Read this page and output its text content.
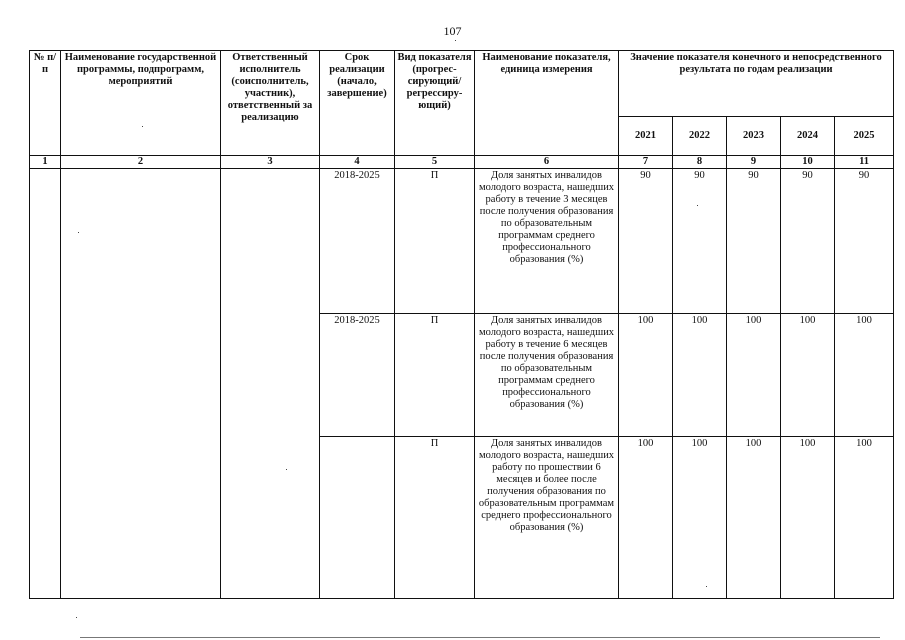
107
№ п/п	Наименование государственной программы, подпрограмм, мероприятий	Ответственный исполнитель (соисполнитель, участник), ответственный за реализацию	Срок реализации (начало, завершение)	Вид показателя (прогрес-сирующий/ регрессиру-ющий)	Наименование показателя, единица измерения	Значение показателя конечного и непосредственного результата по годам реализации				
						2021	2022	2023	2024	2025
1	2	3	4	5	6	7	8	9	10	11
			2018-2025	П	Доля занятых инвалидов молодого возраста, нашедших работу в течение 3 месяцев после получения образования по образовательным программам среднего профессионального образования (%)	90	90	90	90	90
			2018-2025	П	Доля занятых инвалидов молодого возраста, нашедших работу в течение 6 месяцев после получения образования по образовательным программам среднего профессионального образования (%)	100	100	100	100	100
				П	Доля занятых инвалидов молодого возраста, нашедших работу по прошествии 6 месяцев и более после получения образования по образовательным программам среднего профессионального образования (%)	100	100	100	100	100
